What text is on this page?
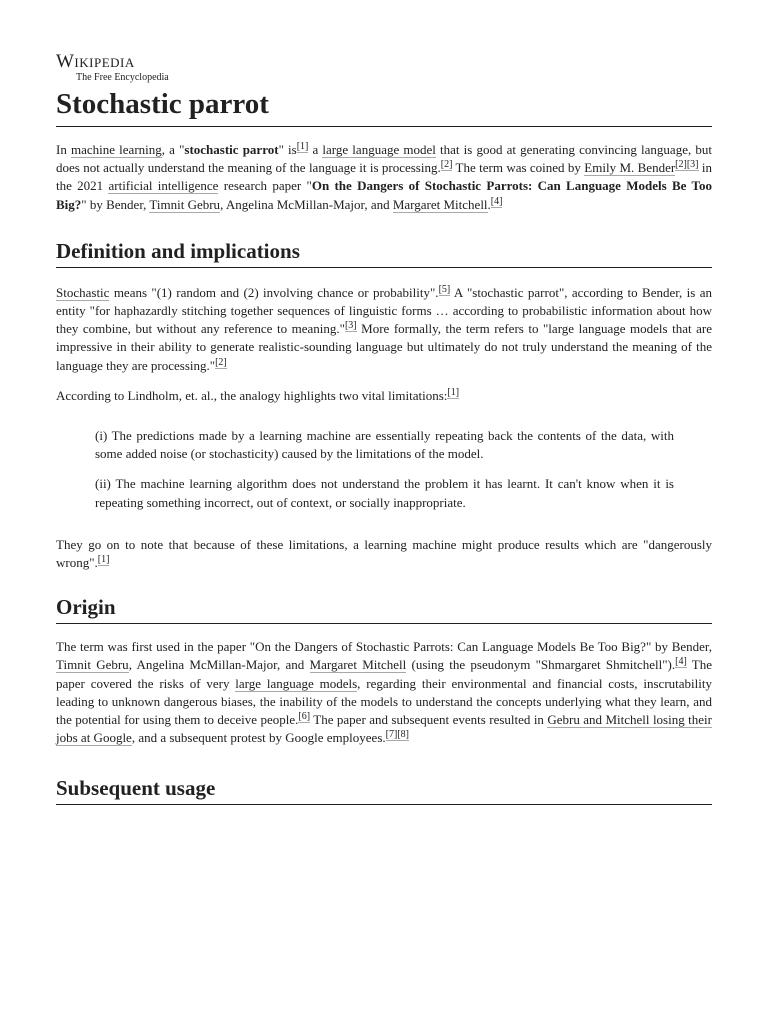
Wikipedia
The Free Encyclopedia
Stochastic parrot

In machine learning, a "stochastic parrot" is[1] a large language model that is good at generating convincing language, but does not actually understand the meaning of the language it is processing.[2] The term was coined by Emily M. Bender[2][3] in the 2021 artificial intelligence research paper "On the Dangers of Stochastic Parrots: Can Language Models Be Too Big?" by Bender, Timnit Gebru, Angelina McMillan-Major, and Margaret Mitchell.[4]

Definition and implications

Stochastic means "(1) random and (2) involving chance or probability".[5] A "stochastic parrot", according to Bender, is an entity "for haphazardly stitching together sequences of linguistic forms … according to probabilistic information about how they combine, but without any reference to meaning."[3] More formally, the term refers to "large language models that are impressive in their ability to generate realistic-sounding language but ultimately do not truly understand the meaning of the language they are processing."[2]

According to Lindholm, et. al., the analogy highlights two vital limitations:[1]

(i) The predictions made by a learning machine are essentially repeating back the contents of the data, with some added noise (or stochasticity) caused by the limitations of the model.

(ii) The machine learning algorithm does not understand the problem it has learnt. It can't know when it is repeating something incorrect, out of context, or socially inappropriate.

They go on to note that because of these limitations, a learning machine might produce results which are "dangerously wrong".[1]

Origin

The term was first used in the paper "On the Dangers of Stochastic Parrots: Can Language Models Be Too Big?" by Bender, Timnit Gebru, Angelina McMillan-Major, and Margaret Mitchell (using the pseudonym "Shmargaret Shmitchell").[4] The paper covered the risks of very large language models, regarding their environmental and financial costs, inscrutability leading to unknown dangerous biases, the inability of the models to understand the concepts underlying what they learn, and the potential for using them to deceive people.[6] The paper and subsequent events resulted in Gebru and Mitchell losing their jobs at Google, and a subsequent protest by Google employees.[7][8]

Subsequent usage
